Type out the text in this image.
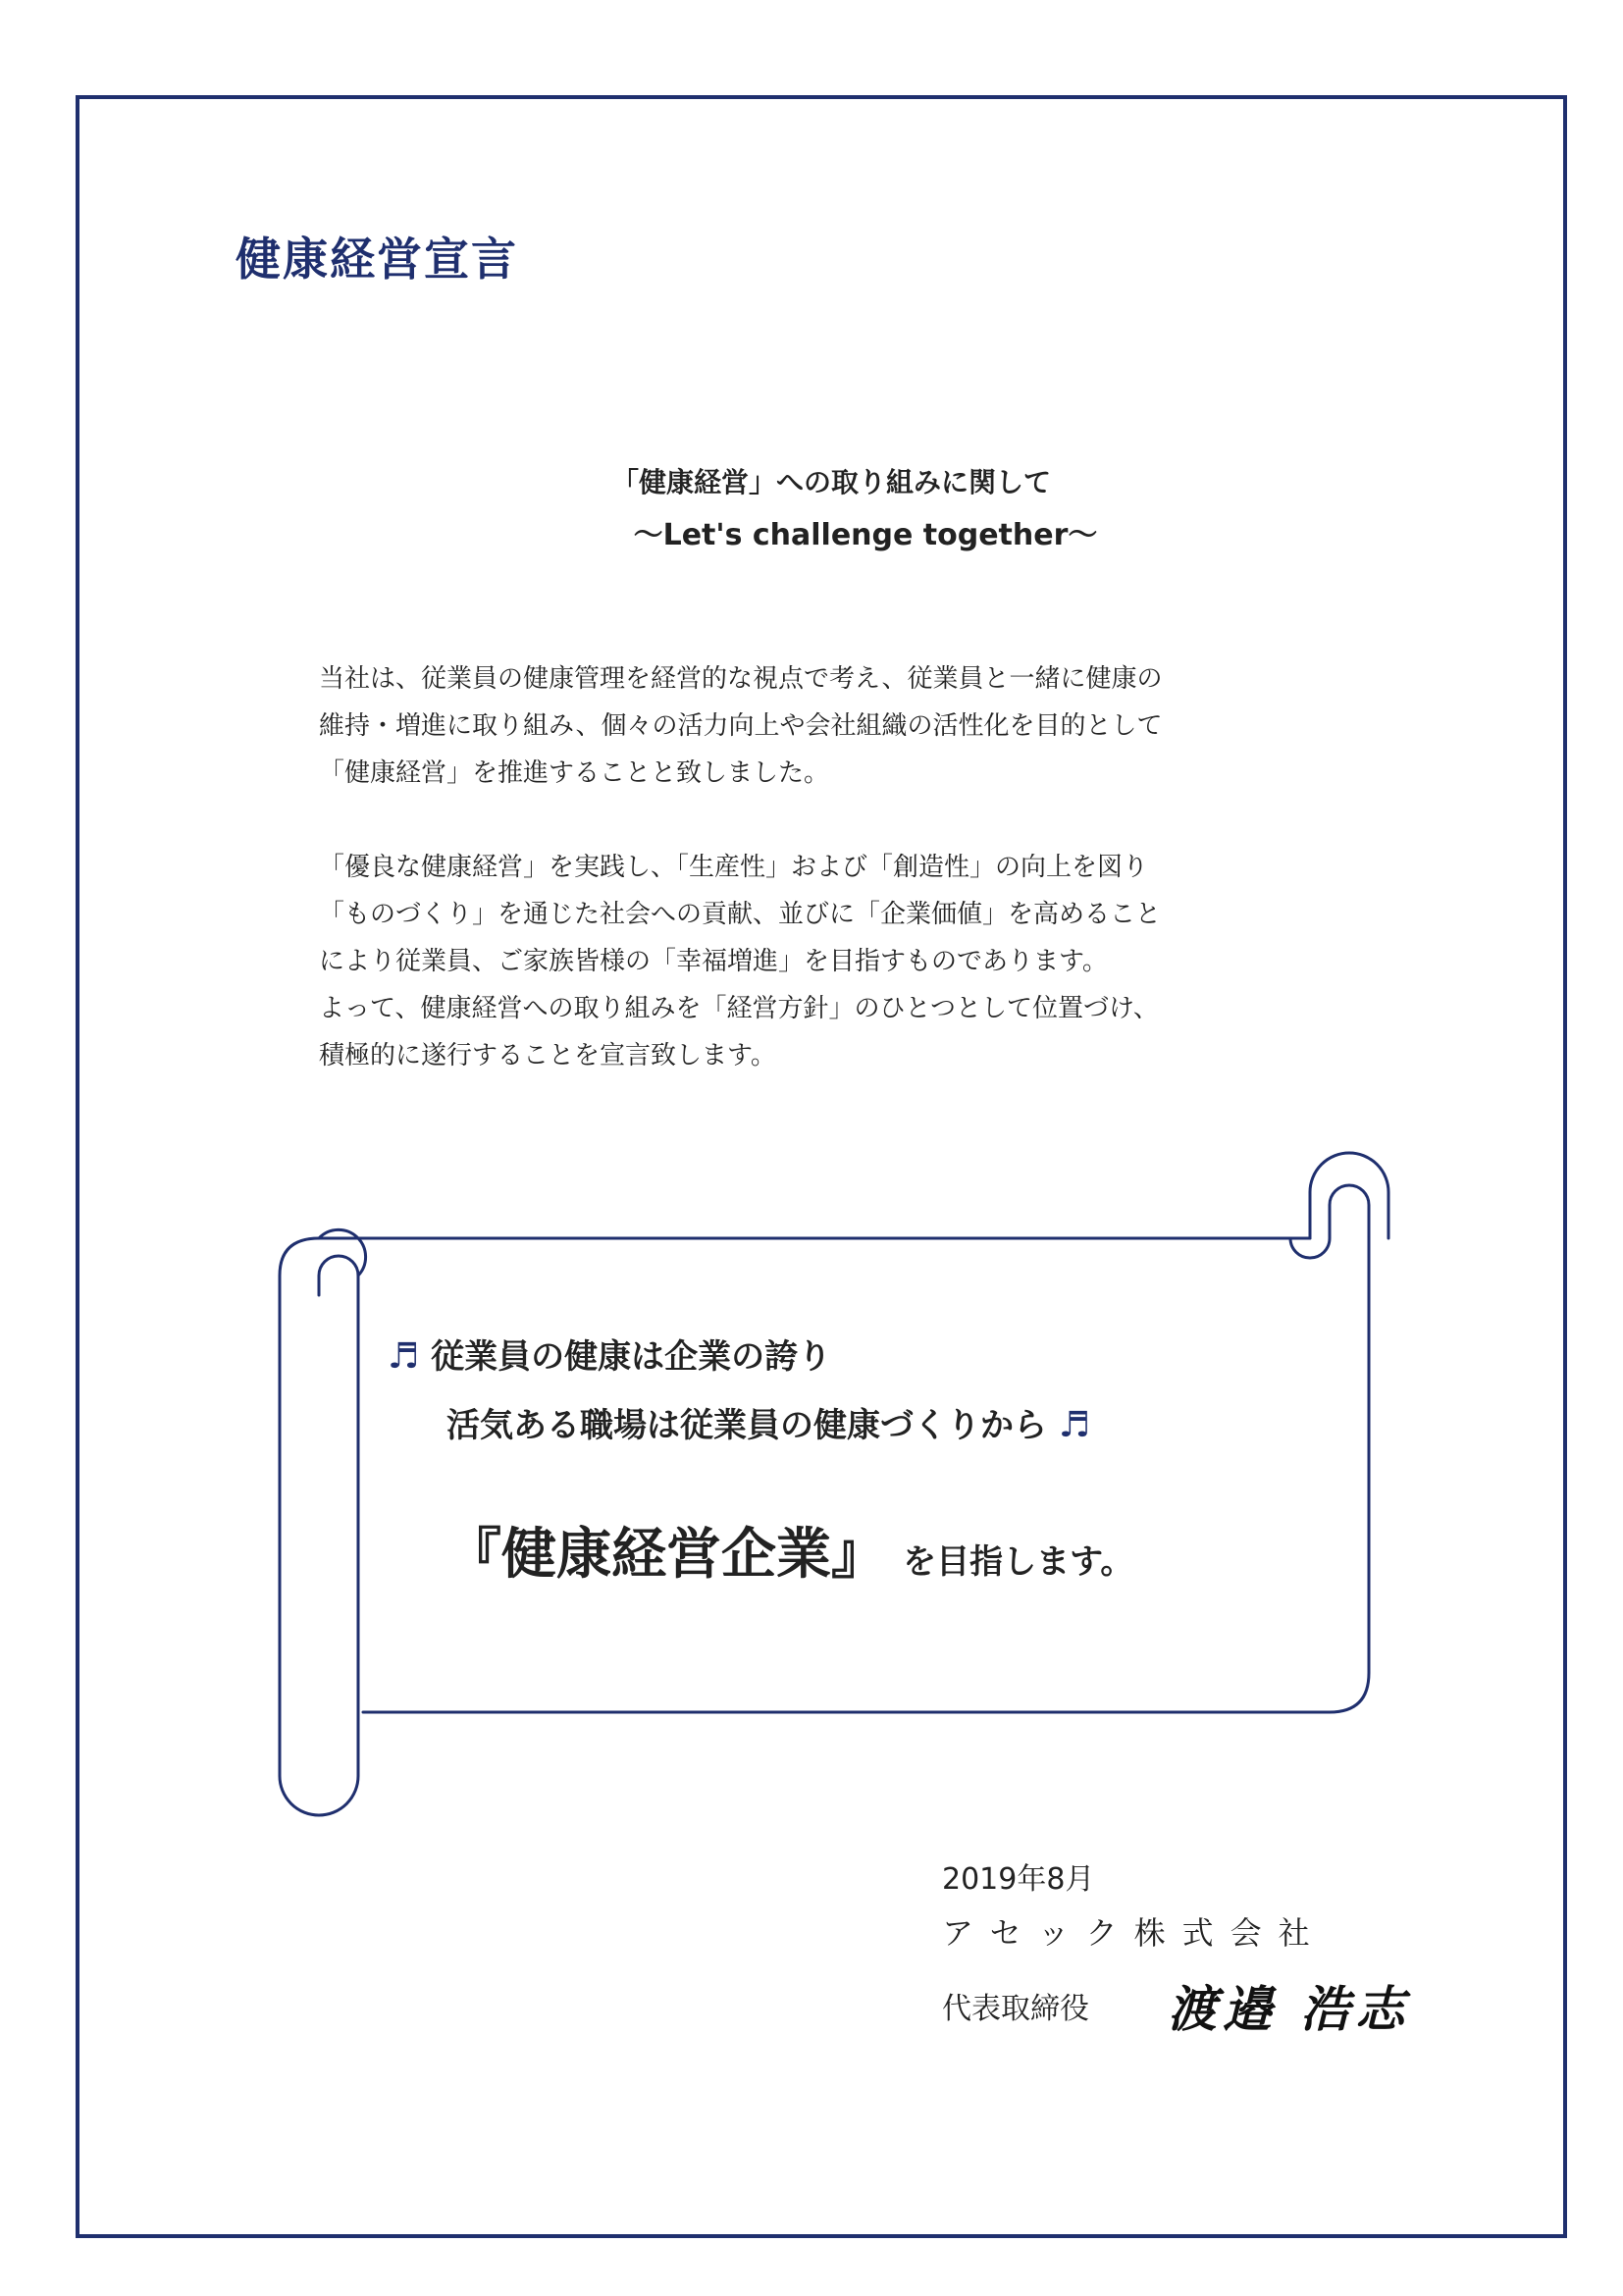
健康経営宣言
「健康経営」への取り組みに関して
～Let's challenge together～

当社は、従業員の健康管理を経営的な視点で考え、従業員と一緒に健康の

維持・増進に取り組み、個々の活力向上や会社組織の活性化を目的として

「健康経営」を推進することと致しました。

「優良な健康経営」を実践し、「生産性」および「創造性」の向上を図り

「ものづくり」を通じた社会への貢献、並びに「企業価値」を高めること

により従業員、ご家族皆様の「幸福増進」を目指すものであります。

よって、健康経営への取り組みを「経営方針」のひとつとして位置づけ、

積極的に遂行することを宣言致します。

♬ 従業員の健康は企業の誇り
活気ある職場は従業員の健康づくりから ♬
『健康経営企業』 を目指します。
2019年8月
アセック株式会社
代表取締役 渡邉 浩志
